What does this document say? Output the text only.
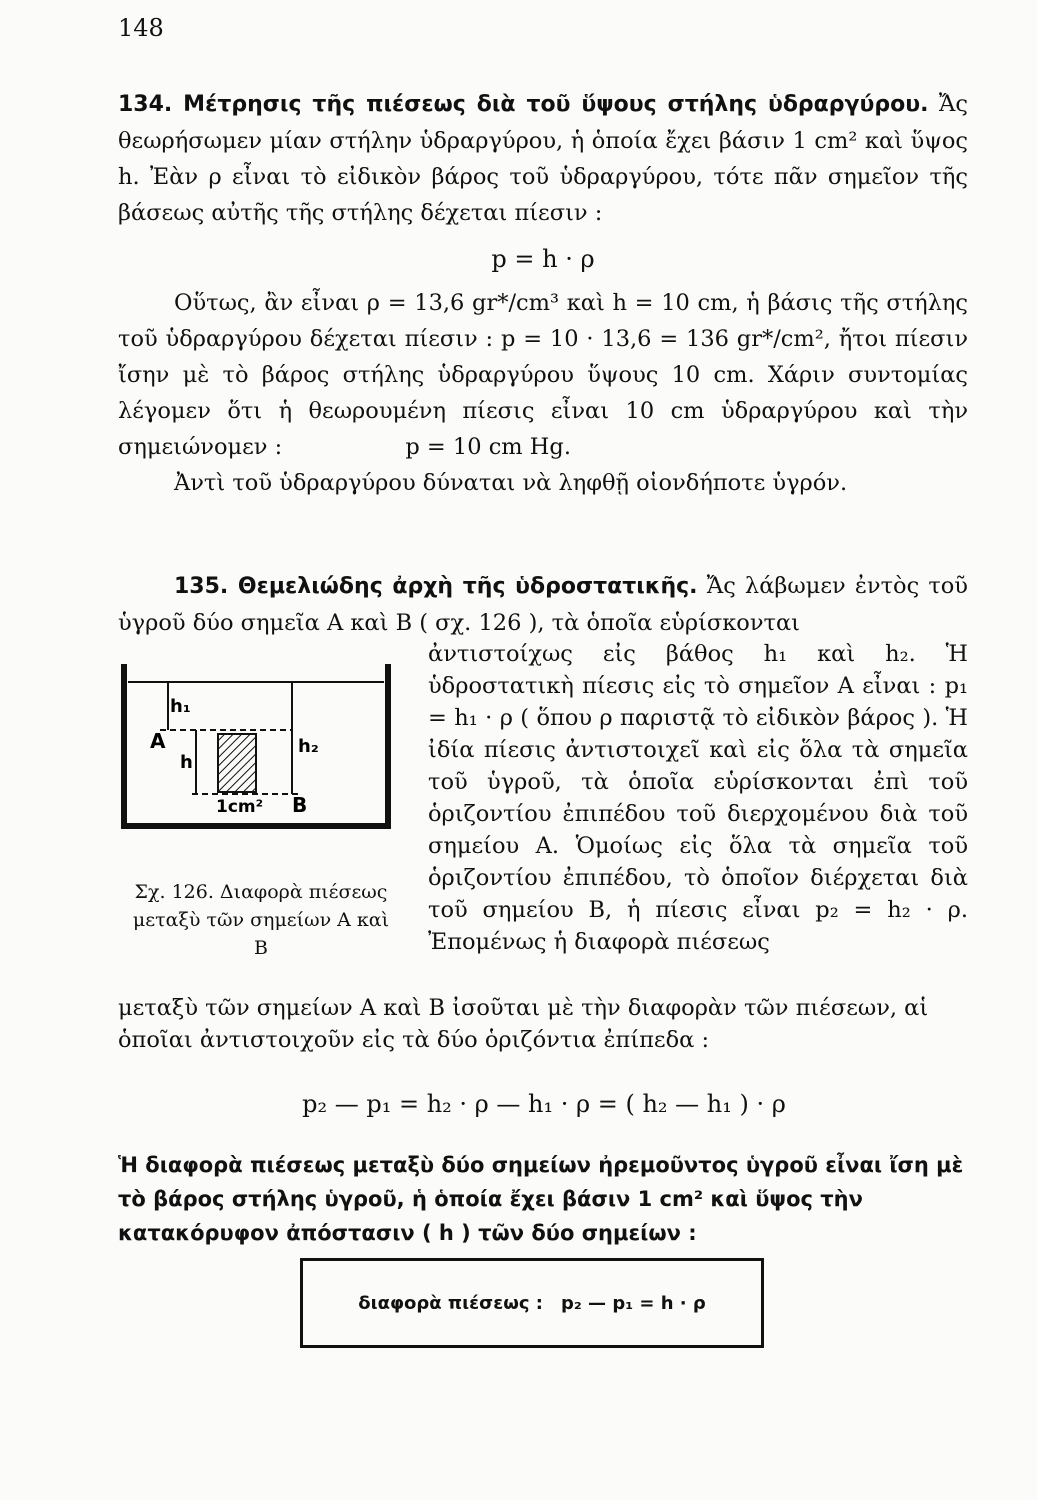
148

134. Μέτρησις τῆς πιέσεως διὰ τοῦ ὕψους στήλης ὑδραργύρου. Ἄς θεωρήσωμεν μίαν στήλην ὑδραργύρου, ἡ ὁποία ἔχει βάσιν 1 cm² καὶ ὕψος h. Ἐὰν ρ εἶναι τὸ εἰδικὸν βάρος τοῦ ὑδραργύρου, τότε πᾶν σημεῖον τῆς βάσεως αὐτῆς τῆς στήλης δέχεται πίεσιν :

p = h · ρ

Οὕτως, ἂν εἶναι ρ = 13,6 gr*/cm³ καὶ h = 10 cm, ἡ βάσις τῆς στήλης τοῦ ὑδραργύρου δέχεται πίεσιν : p = 10 · 13,6 = 136 gr*/cm², ἤτοι πίεσιν ἴσην μὲ τὸ βάρος στήλης ὑδραργύρου ὕψους 10 cm. Χάριν συντομίας λέγομεν ὅτι ἡ θεωρουμένη πίεσις εἶναι 10 cm ὑδραργύρου καὶ τὴν σημειώνομεν :	p = 10 cm Hg.

Ἀντὶ τοῦ ὑδραργύρου δύναται νὰ ληφθῇ οἱονδήποτε ὑγρόν.

135. Θεμελιώδης ἀρχὴ τῆς ὑδροστατικῆς. Ἄς λάβωμεν ἐντὸς τοῦ ὑγροῦ δύο σημεῖα Α καὶ Β ( σχ. 126 ), τὰ ὁποῖα εὑρίσκονται

ἀντιστοίχως εἰς βάθος h₁ καὶ h₂. Ἡ ὑδροστατικὴ πίεσις εἰς τὸ σημεῖον Α εἶναι : p₁ = h₁ · ρ ( ὅπου ρ παριστᾷ τὸ εἰδικὸν βάρος ). Ἡ ἰδία πίεσις ἀντιστοιχεῖ καὶ εἰς ὅλα τὰ σημεῖα τοῦ ὑγροῦ, τὰ ὁποῖα εὑρίσκονται ἐπὶ τοῦ ὁριζοντίου ἐπιπέδου τοῦ διερχομένου διὰ τοῦ σημείου Α. Ὁμοίως εἰς ὅλα τὰ σημεῖα τοῦ ὁριζοντίου ἐπιπέδου, τὸ ὁποῖον διέρχεται διὰ τοῦ σημείου Β, ἡ πίεσις εἶναι p₂ = h₂ · ρ. Ἐπομένως ἡ διαφορὰ πιέσεως

h₁
h₂
h
A
B
1cm²
Σχ. 126. Διαφορὰ πιέσεως μεταξὺ τῶν σημείων Α καὶ Β
μεταξὺ τῶν σημείων Α καὶ Β ἰσοῦται μὲ τὴν διαφορὰν τῶν πιέσεων, αἱ ὁποῖαι ἀντιστοιχοῦν εἰς τὰ δύο ὁριζόντια ἐπίπεδα :
p₂ — p₁ = h₂ · ρ — h₁ · ρ = ( h₂ — h₁ ) · ρ
Ἡ διαφορὰ πιέσεως μεταξὺ δύο σημείων ἠρεμοῦντος ὑγροῦ εἶναι ἴση μὲ τὸ βάρος στήλης ὑγροῦ, ἡ ὁποία ἔχει βάσιν 1 cm² καὶ ὕψος τὴν κατακόρυφον ἀπόστασιν ( h ) τῶν δύο σημείων :
διαφορὰ πιέσεως : p₂ — p₁ = h · ρ
